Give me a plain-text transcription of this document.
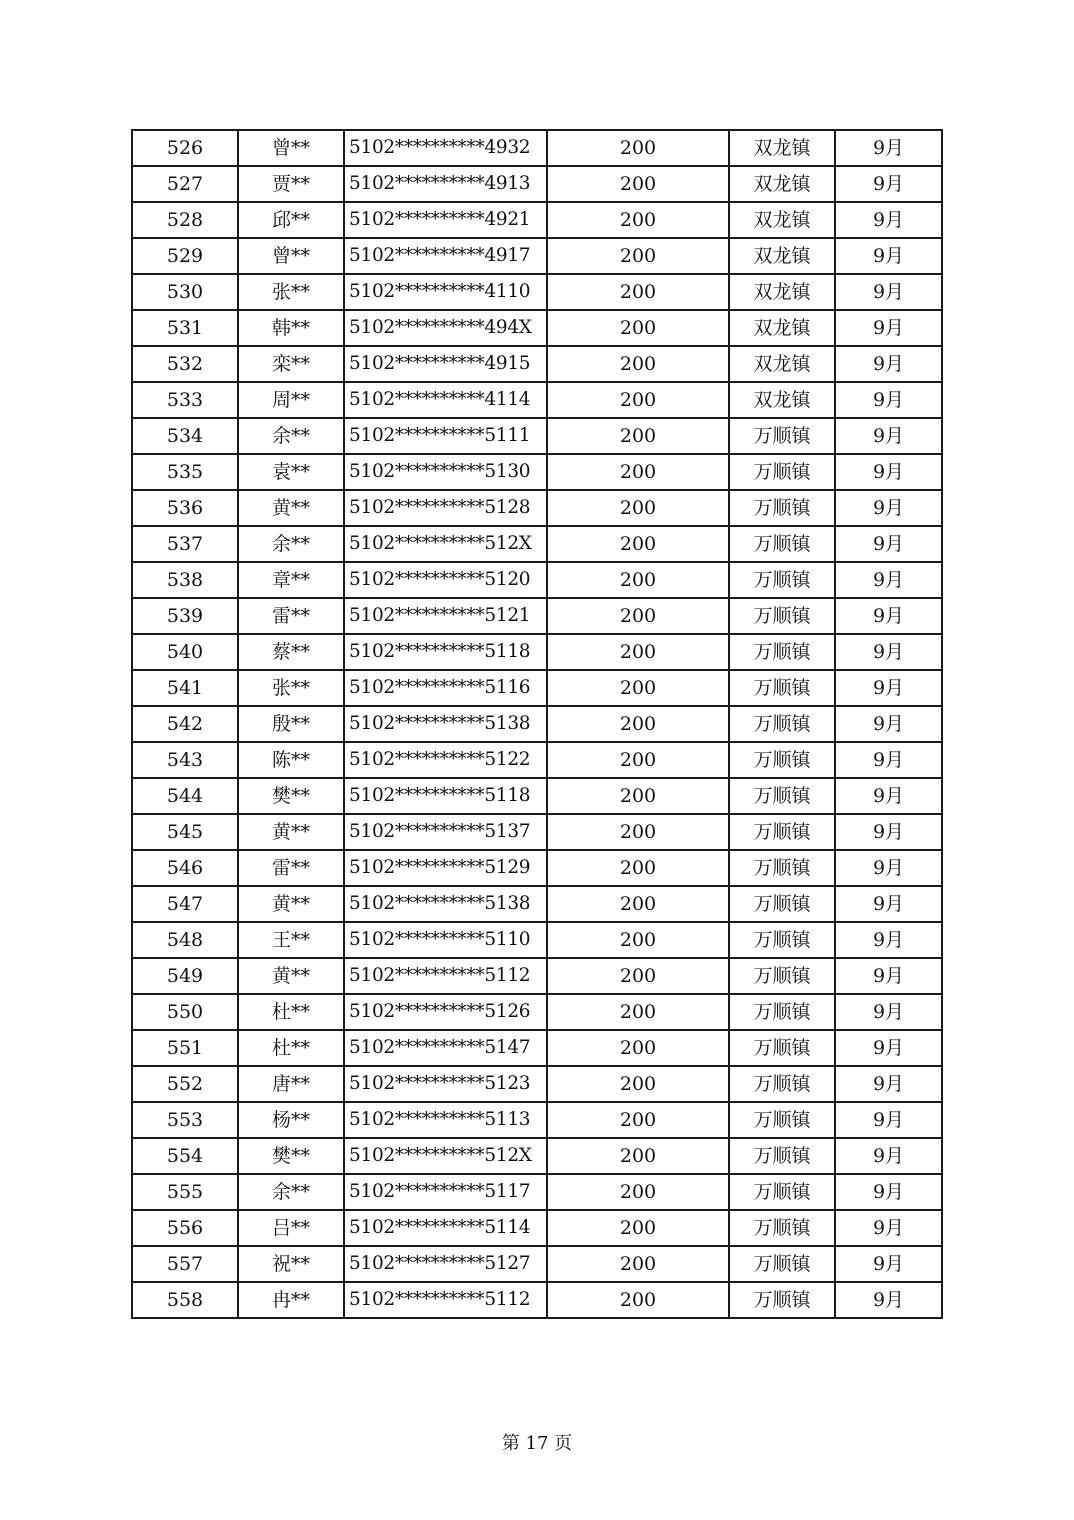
526	曾**	5102**********4932	200	双龙镇	9月
527	贾**	5102**********4913	200	双龙镇	9月
528	邱**	5102**********4921	200	双龙镇	9月
529	曾**	5102**********4917	200	双龙镇	9月
530	张**	5102**********4110	200	双龙镇	9月
531	韩**	5102**********494X	200	双龙镇	9月
532	栾**	5102**********4915	200	双龙镇	9月
533	周**	5102**********4114	200	双龙镇	9月
534	余**	5102**********5111	200	万顺镇	9月
535	袁**	5102**********5130	200	万顺镇	9月
536	黄**	5102**********5128	200	万顺镇	9月
537	余**	5102**********512X	200	万顺镇	9月
538	章**	5102**********5120	200	万顺镇	9月
539	雷**	5102**********5121	200	万顺镇	9月
540	蔡**	5102**********5118	200	万顺镇	9月
541	张**	5102**********5116	200	万顺镇	9月
542	殷**	5102**********5138	200	万顺镇	9月
543	陈**	5102**********5122	200	万顺镇	9月
544	樊**	5102**********5118	200	万顺镇	9月
545	黄**	5102**********5137	200	万顺镇	9月
546	雷**	5102**********5129	200	万顺镇	9月
547	黄**	5102**********5138	200	万顺镇	9月
548	王**	5102**********5110	200	万顺镇	9月
549	黄**	5102**********5112	200	万顺镇	9月
550	杜**	5102**********5126	200	万顺镇	9月
551	杜**	5102**********5147	200	万顺镇	9月
552	唐**	5102**********5123	200	万顺镇	9月
553	杨**	5102**********5113	200	万顺镇	9月
554	樊**	5102**********512X	200	万顺镇	9月
555	余**	5102**********5117	200	万顺镇	9月
556	吕**	5102**********5114	200	万顺镇	9月
557	祝**	5102**********5127	200	万顺镇	9月
558	冉**	5102**********5112	200	万顺镇	9月
第 17 页
